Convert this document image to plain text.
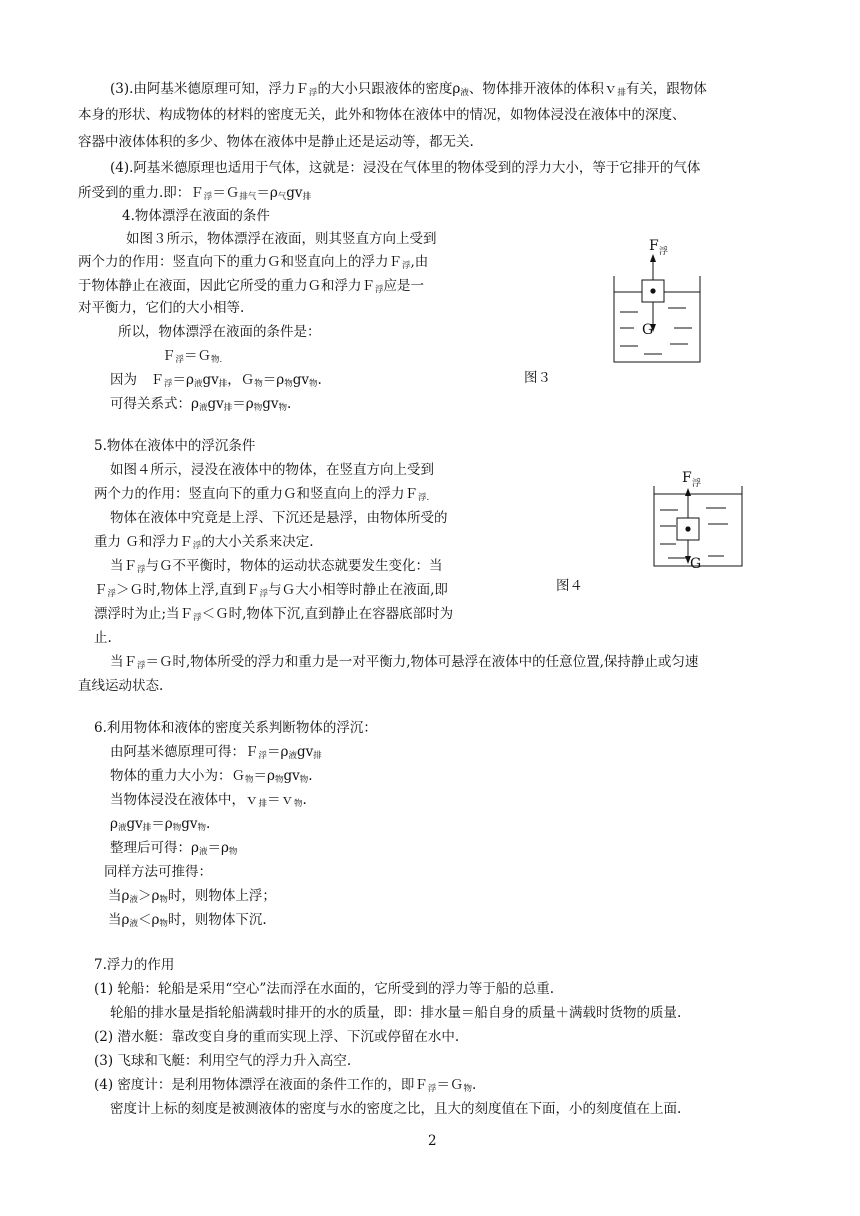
(3).由阿基米德原理可知，浮力Ｆ$_浮$的大小只跟液体的密度$\rho_液$、物体排开液体的体积ｖ$_排$有关，跟物体
本身的形状、构成物体的材料的密度无关，此外和物体在液体中的情况，如物体浸没在液体中的深度、
容器中液体体积的多少、物体在液体中是静止还是运动等，都无关.
(4).阿基米德原理也适用于气体，这就是：浸没在气体里的物体受到的浮力大小，等于它排开的气体
所受到的重力.即：$F_浮=G_{排气}=\rho_气gv_排$
4.物体漂浮在液面的条件
如图３所示，物体漂浮在液面，则其竖直方向上受到
两个力的作用：竖直向下的重力Ｇ和竖直向上的浮力Ｆ$_浮$,由
于物体静止在液面，因此它所受的重力Ｇ和浮力Ｆ$_浮$应是一
对平衡力，它们的大小相等.
所以，物体漂浮在液面的条件是：
Ｆ$_浮$＝Ｇ$_{物.}$
因为　$F_浮=\rho_液gv_排$，$G_物=\rho_物gv_物$.
可得关系式：$\rho_液gv_排=\rho_物gv_物$.
5.物体在液体中的浮沉条件
如图４所示，浸没在液体中的物体，在竖直方向上受到
两个力的作用：竖直向下的重力Ｇ和竖直向上的浮力Ｆ$_{浮.}$
物体在液体中究竟是上浮、下沉还是悬浮，由物体所受的
重力 Ｇ和浮力Ｆ$_浮$的大小关系来决定.
当Ｆ$_浮$与Ｇ不平衡时，物体的运动状态就要发生变化：当
Ｆ$_浮$＞Ｇ时,物体上浮,直到Ｆ$_浮$与Ｇ大小相等时静止在液面,即
漂浮时为止;当Ｆ$_浮$＜Ｇ时,物体下沉,直到静止在容器底部时为
止.
当Ｆ$_浮$＝Ｇ时,物体所受的浮力和重力是一对平衡力,物体可悬浮在液体中的任意位置,保持静止或匀速
直线运动状态.
6.利用物体和液体的密度关系判断物体的浮沉：
由阿基米德原理可得：$F_浮=\rho_液gv_排$
物体的重力大小为：$G_物=\rho_物gv_物$.
当物体浸没在液体中，ｖ$_排$＝ｖ$_物$.
$\rho_液gv_排=\rho_物gv_物$.
整理后可得：$\rho_液=\rho_物$
同样方法可推得：
当$\rho_液>\rho_物$时，则物体上浮；
当$\rho_液<\rho_物$时，则物体下沉.
7.浮力的作用
(1) 轮船：轮船是采用“空心”法而浮在水面的，它所受到的浮力等于船的总重.
轮船的排水量是指轮船满载时排开的水的质量，即：排水量＝船自身的质量＋满载时货物的质量.
(2) 潜水艇：靠改变自身的重而实现上浮、下沉或停留在水中.
(3) 飞球和飞艇：利用空气的浮力升入高空.
(4) 密度计：是利用物体漂浮在液面的条件工作的，即Ｆ$_浮$＝Ｇ$_物$.
密度计上标的刻度是被测液体的密度与水的密度之比，且大的刻度值在下面，小的刻度值在上面.
F 浮
G
图３
F 浮
G
图４
2
